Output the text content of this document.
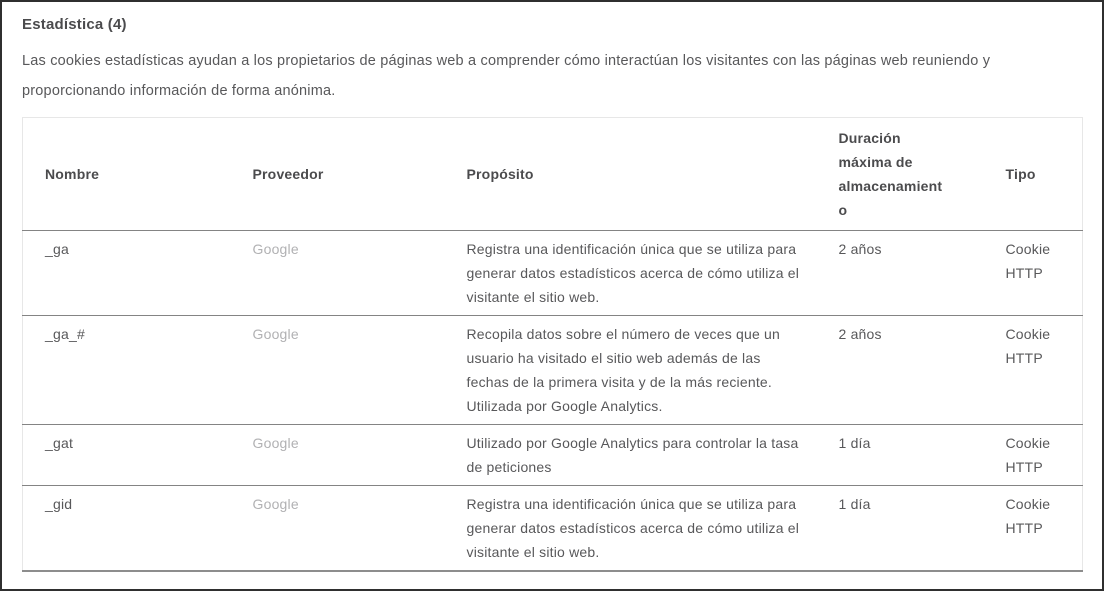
Estadística (4)

Las cookies estadísticas ayudan a los propietarios de páginas web a comprender cómo interactúan los visitantes con las páginas web reuniendo y proporcionando información de forma anónima.

Nombre	Proveedor	Propósito	Duración máxima de almacenamiento	Tipo
_ga	Google	Registra una identificación única que se utiliza para generar datos estadísticos acerca de cómo utiliza el visitante el sitio web.	2 años	Cookie HTTP
_ga_#	Google	Recopila datos sobre el número de veces que un usuario ha visitado el sitio web además de las fechas de la primera visita y de la más reciente. Utilizada por Google Analytics.	2 años	Cookie HTTP
_gat	Google	Utilizado por Google Analytics para controlar la tasa de peticiones	1 día	Cookie HTTP
_gid	Google	Registra una identificación única que se utiliza para generar datos estadísticos acerca de cómo utiliza el visitante el sitio web.	1 día	Cookie HTTP
